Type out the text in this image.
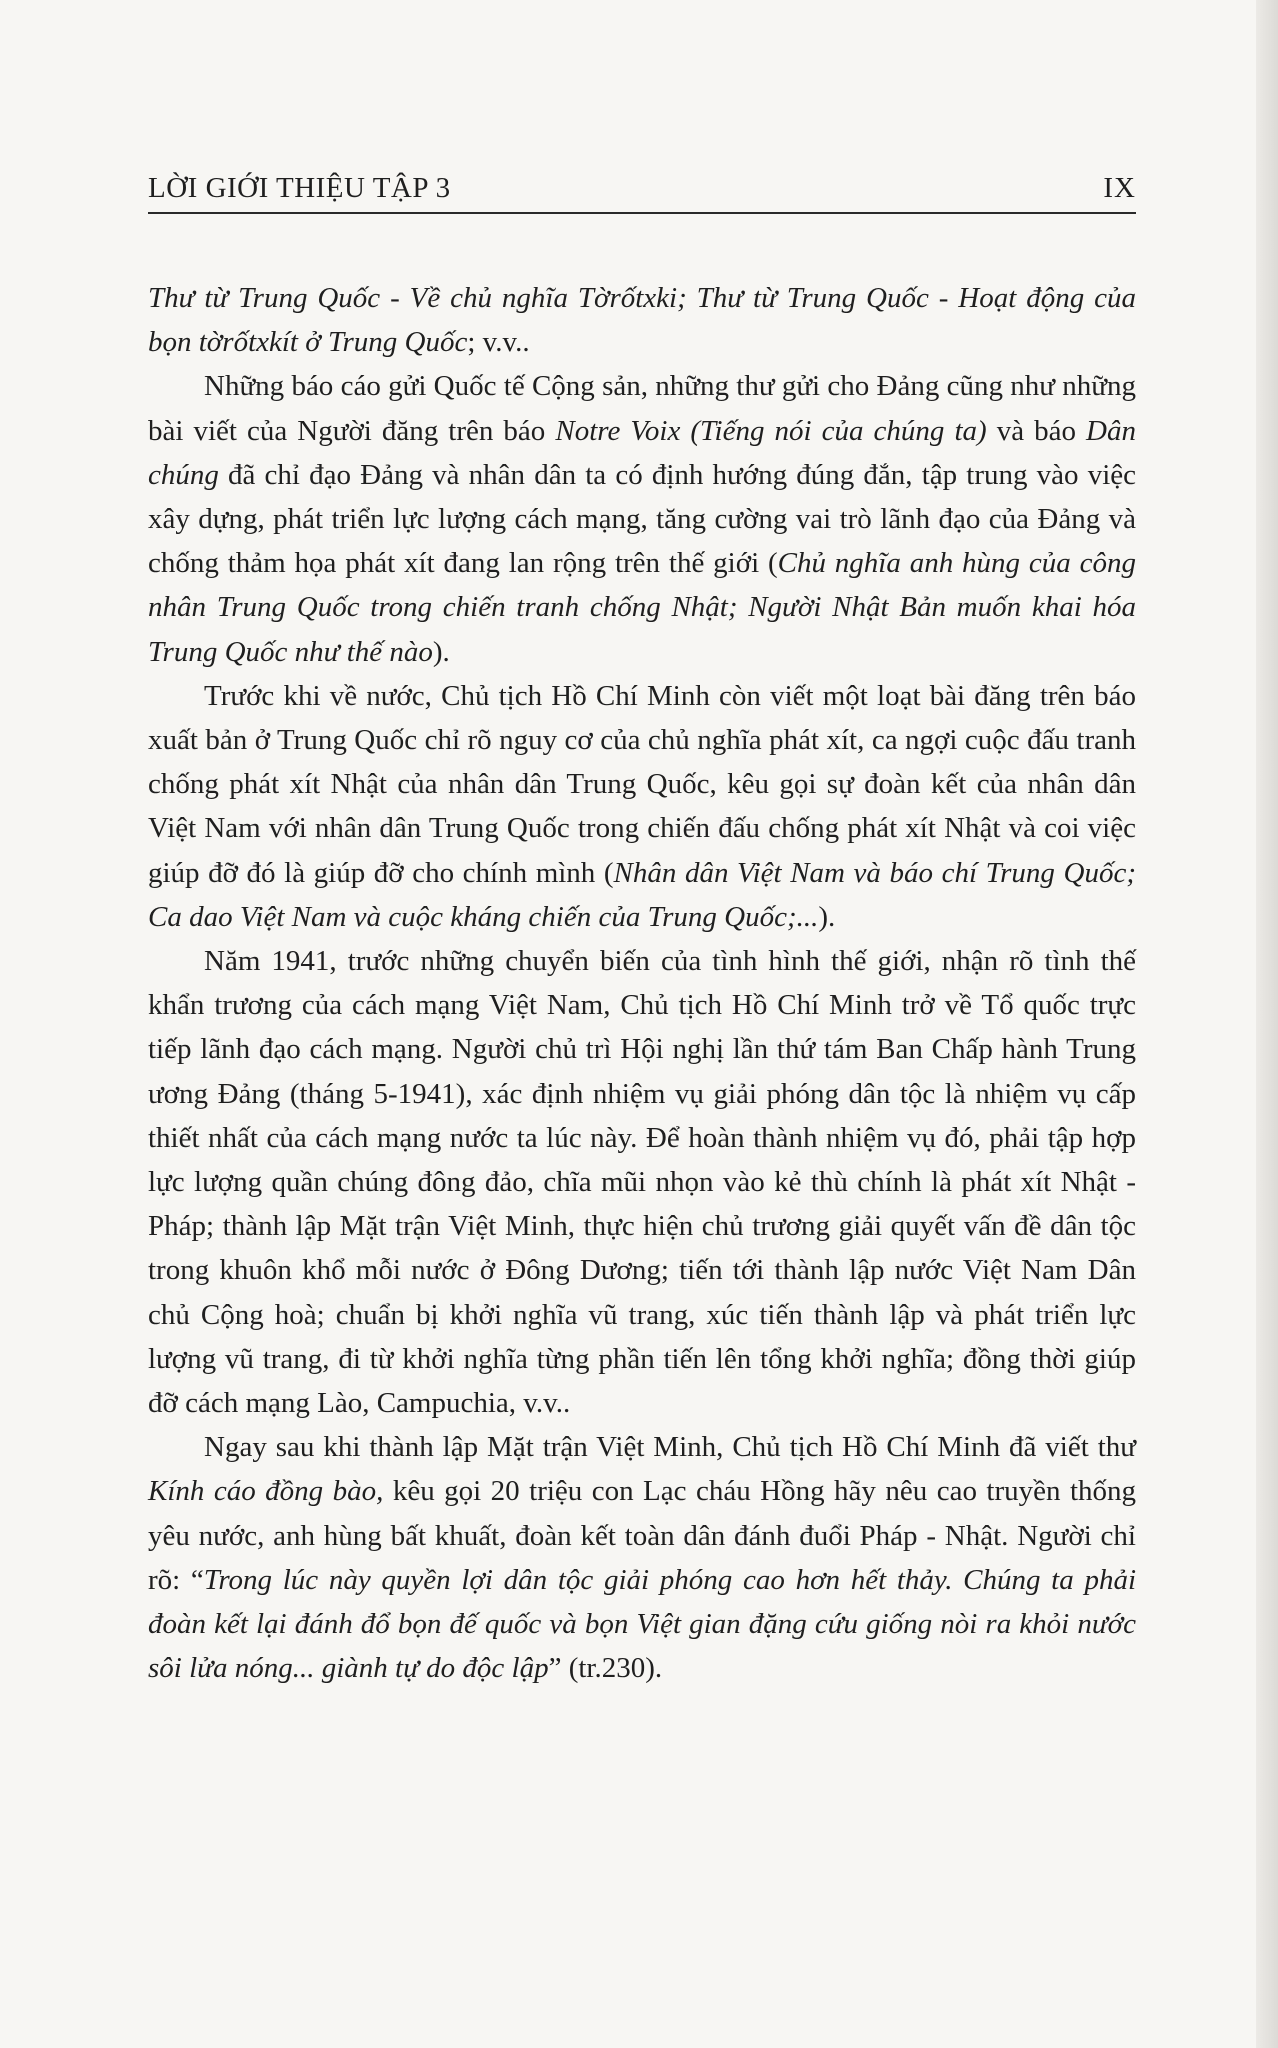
LỜI GIỚI THIỆU TẬP 3	IX

Thư từ Trung Quốc - Về chủ nghĩa Tờrốtxki; Thư từ Trung Quốc - Hoạt động của bọn tờrốtxkít ở Trung Quốc; v.v..

Những báo cáo gửi Quốc tế Cộng sản, những thư gửi cho Đảng cũng như những bài viết của Người đăng trên báo Notre Voix (Tiếng nói của chúng ta) và báo Dân chúng đã chỉ đạo Đảng và nhân dân ta có định hướng đúng đắn, tập trung vào việc xây dựng, phát triển lực lượng cách mạng, tăng cường vai trò lãnh đạo của Đảng và chống thảm họa phát xít đang lan rộng trên thế giới (Chủ nghĩa anh hùng của công nhân Trung Quốc trong chiến tranh chống Nhật; Người Nhật Bản muốn khai hóa Trung Quốc như thế nào).

Trước khi về nước, Chủ tịch Hồ Chí Minh còn viết một loạt bài đăng trên báo xuất bản ở Trung Quốc chỉ rõ nguy cơ của chủ nghĩa phát xít, ca ngợi cuộc đấu tranh chống phát xít Nhật của nhân dân Trung Quốc, kêu gọi sự đoàn kết của nhân dân Việt Nam với nhân dân Trung Quốc trong chiến đấu chống phát xít Nhật và coi việc giúp đỡ đó là giúp đỡ cho chính mình (Nhân dân Việt Nam và báo chí Trung Quốc; Ca dao Việt Nam và cuộc kháng chiến của Trung Quốc;...).

Năm 1941, trước những chuyển biến của tình hình thế giới, nhận rõ tình thế khẩn trương của cách mạng Việt Nam, Chủ tịch Hồ Chí Minh trở về Tổ quốc trực tiếp lãnh đạo cách mạng. Người chủ trì Hội nghị lần thứ tám Ban Chấp hành Trung ương Đảng (tháng 5-1941), xác định nhiệm vụ giải phóng dân tộc là nhiệm vụ cấp thiết nhất của cách mạng nước ta lúc này. Để hoàn thành nhiệm vụ đó, phải tập hợp lực lượng quần chúng đông đảo, chĩa mũi nhọn vào kẻ thù chính là phát xít Nhật - Pháp; thành lập Mặt trận Việt Minh, thực hiện chủ trương giải quyết vấn đề dân tộc trong khuôn khổ mỗi nước ở Đông Dương; tiến tới thành lập nước Việt Nam Dân chủ Cộng hoà; chuẩn bị khởi nghĩa vũ trang, xúc tiến thành lập và phát triển lực lượng vũ trang, đi từ khởi nghĩa từng phần tiến lên tổng khởi nghĩa; đồng thời giúp đỡ cách mạng Lào, Campuchia, v.v..

Ngay sau khi thành lập Mặt trận Việt Minh, Chủ tịch Hồ Chí Minh đã viết thư Kính cáo đồng bào, kêu gọi 20 triệu con Lạc cháu Hồng hãy nêu cao truyền thống yêu nước, anh hùng bất khuất, đoàn kết toàn dân đánh đuổi Pháp - Nhật. Người chỉ rõ: “Trong lúc này quyền lợi dân tộc giải phóng cao hơn hết thảy. Chúng ta phải đoàn kết lại đánh đổ bọn đế quốc và bọn Việt gian đặng cứu giống nòi ra khỏi nước sôi lửa nóng... giành tự do độc lập” (tr.230).
